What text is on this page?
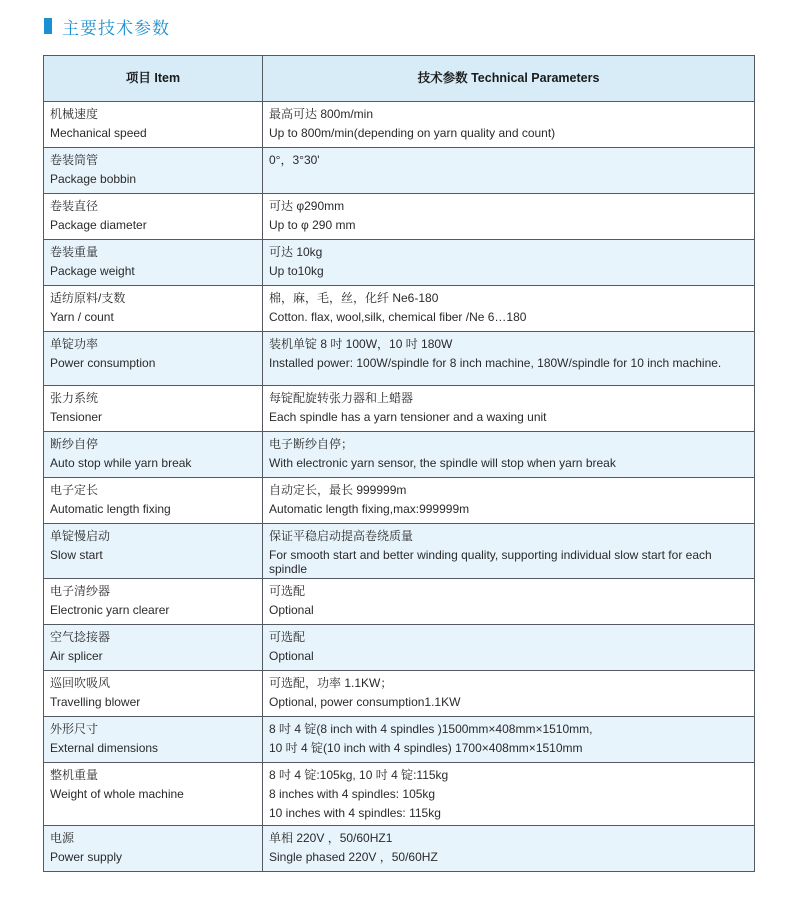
主要技术参数
项目 Item	技术参数 Technical Parameters

机械速度
Mechanical speed	最高可达 800m/min
Up to 800m/min(depending on yarn quality and count)

卷装筒管
Package bobbin	0°，3°30'

卷装直径
Package diameter	可达 φ290mm
Up to φ 290 mm

卷装重量
Package weight	可达 10kg
Up to10kg

适纺原料/支数
Yarn / count	棉，麻，毛，丝，化纤 Ne6-180
Cotton. flax, wool,silk, chemical fiber /Ne 6…180

单锭功率
Power consumption	装机单锭 8 吋 100W，10 吋 180W
Installed power: 100W/spindle for 8 inch machine, 180W/spindle for 10 inch machine.

张力系统
Tensioner	每锭配旋转张力器和上蜡器
Each spindle has a yarn tensioner and a waxing unit

断纱自停
Auto stop while yarn break	电子断纱自停；
With electronic yarn sensor, the spindle will stop when yarn break

电子定长
Automatic length fixing	自动定长，最长 999999m
Automatic length fixing,max:999999m

单锭慢启动
Slow start	保证平稳启动提高卷绕质量
For smooth start and better winding quality, supporting individual slow start for each spindle

电子清纱器
Electronic yarn clearer	可选配
Optional

空气捻接器
Air splicer	可选配
Optional

巡回吹吸风
Travelling blower	可选配，功率 1.1KW；
Optional, power consumption1.1KW

外形尺寸
External dimensions	8 吋 4 锭(8 inch with 4 spindles )1500mm×408mm×1510mm,
10 吋 4 锭(10 inch with 4 spindles) 1700×408mm×1510mm

整机重量
Weight of whole machine	8 吋 4 锭:105kg, 10 吋 4 锭:115kg
8 inches with 4 spindles: 105kg
10 inches with 4 spindles: 115kg

电源
Power supply	单相 220V ，50/60HZ1
Single phased 220V ，50/60HZ
